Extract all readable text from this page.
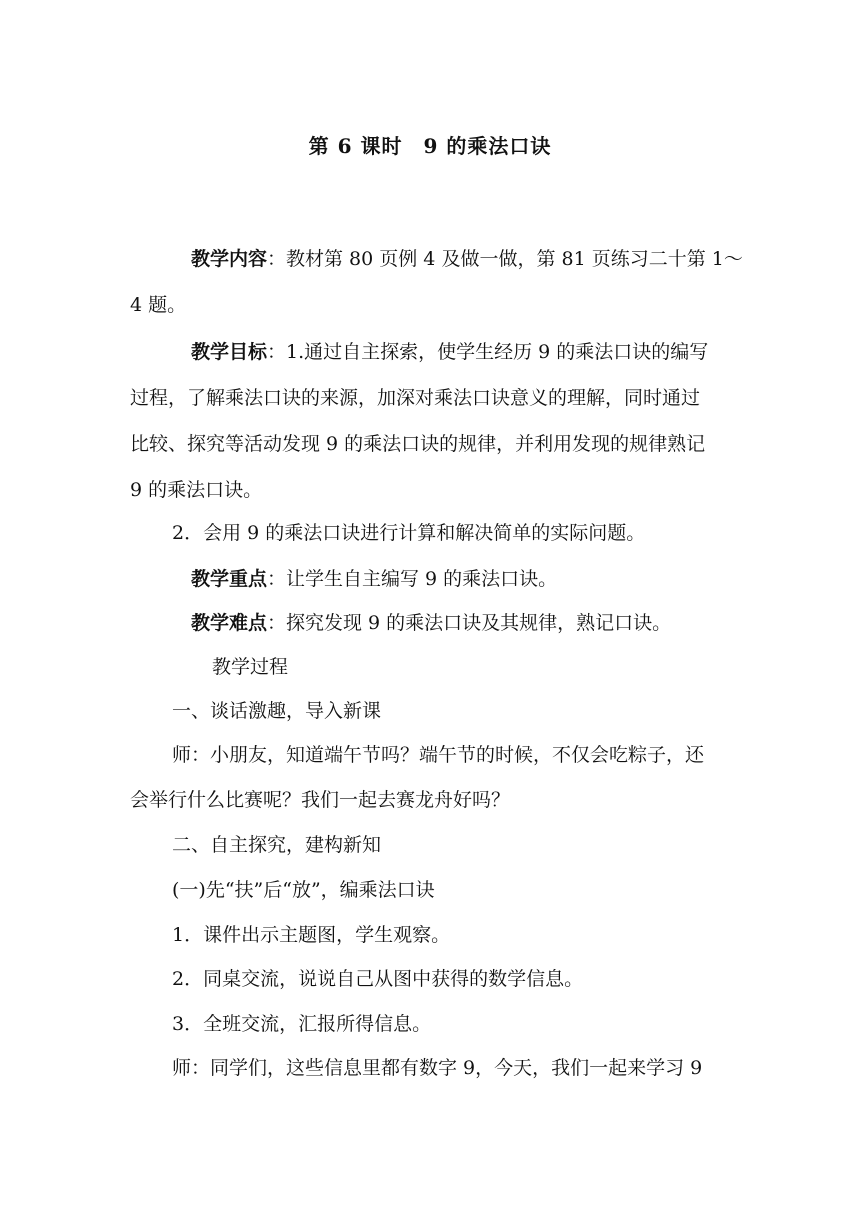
第 6 课时　9 的乘法口诀
教学内容：教材第 80 页例 4 及做一做，第 81 页练习二十第 1～
4 题。
教学目标：1.通过自主探索，使学生经历 9 的乘法口诀的编写
过程，了解乘法口诀的来源，加深对乘法口诀意义的理解，同时通过
比较、探究等活动发现 9 的乘法口诀的规律，并利用发现的规律熟记
9 的乘法口诀。
2．会用 9 的乘法口诀进行计算和解决简单的实际问题。
教学重点：让学生自主编写 9 的乘法口诀。
教学难点：探究发现 9 的乘法口诀及其规律，熟记口诀。
教学过程
一、谈话激趣，导入新课
师：小朋友，知道端午节吗？端午节的时候，不仅会吃粽子，还
会举行什么比赛呢？我们一起去赛龙舟好吗？
二、自主探究，建构新知
(一)先“扶”后“放”，编乘法口诀
1．课件出示主题图，学生观察。
2．同桌交流，说说自己从图中获得的数学信息。
3．全班交流，汇报所得信息。
师：同学们，这些信息里都有数字 9，今天，我们一起来学习 9
